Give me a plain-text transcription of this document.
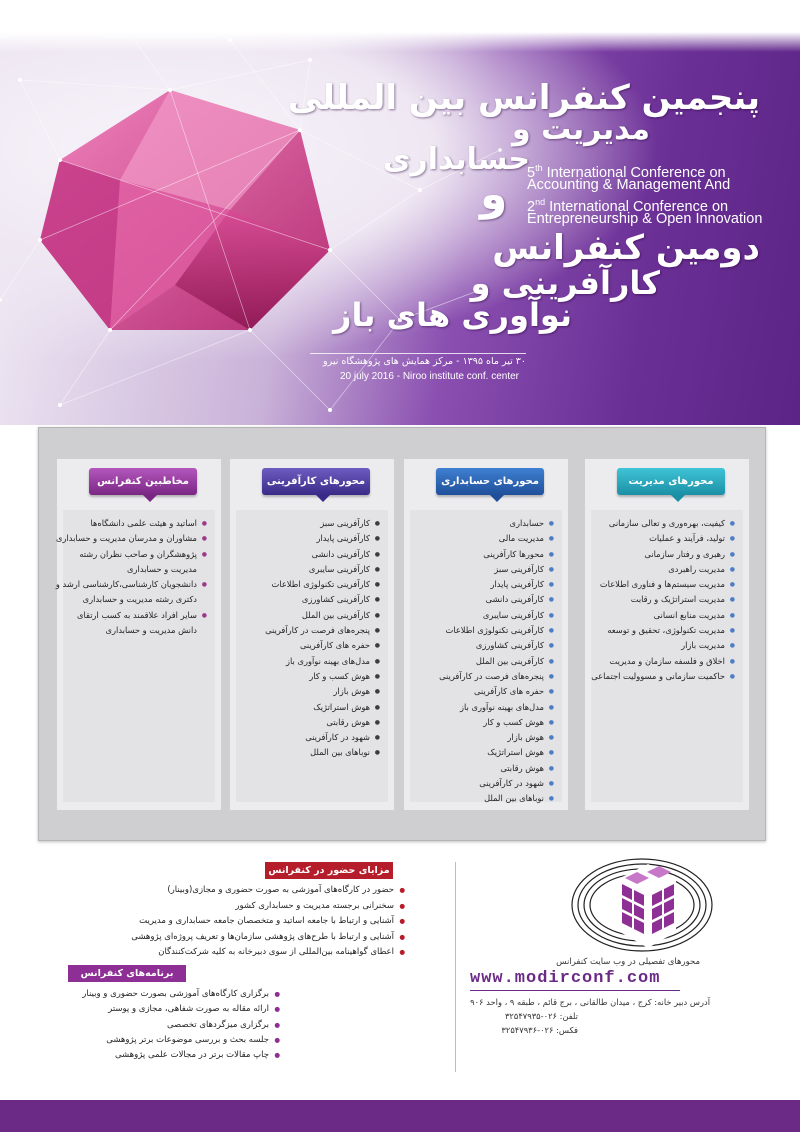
پنجمین کنفرانس بین المللی
مدیریت و
حسابداری
5th International Conference on
Accounting & Management And
2nd International Conference on
Entrepreneurship & Open Innovation
و
دومین کنفرانس
کارآفرینی و
نوآوری های باز
۳۰ تیر ماه ۱۳۹۵ - مرکز همایش های پژوهشگاه نیرو
20 july 2016 - Niroo institute conf. center
محورهای مدیریت
● کیفیت، بهره‌وری و تعالی سازمانی
● تولید، فرآیند و عملیات
● رهبری و رفتار سازمانی
● مدیریت راهبردی
● مدیریت سیستم‌ها و فناوری اطلاعات
● مدیریت استراتژیک و رقابت
● مدیریت منابع انسانی
● مدیریت تکنولوژی، تحقیق و توسعه
● مدیریت بازار
● اخلاق و فلسفه سازمان و مدیریت
● حاکمیت سازمانی و مسوولیت اجتماعی
محورهای حسابداری
● حسابداری
● مدیریت مالی
● محورها کارآفرینی
● کارآفرینی سبز
● کارآفرینی پایدار
● کارآفرینی دانشی
● کارآفرینی سایبری
● کارآفرینی تکنولوژی اطلاعات
● کارآفرینی کشاورزی
● کارآفرینی بین الملل
● پنجره‌های فرصت در کارآفرینی
● حفره های کارآفرینی
● مدل‌های بهینه نوآوری باز
● هوش کسب و کار
● هوش بازار
● هوش استراتژیک
● هوش رقابتی
● شهود در کارآفرینی
● نوباهای بین الملل
محورهای کارآفرینی
● کارآفرینی سبز
● کارآفرینی پایدار
● کارآفرینی دانشی
● کارآفرینی سایبری
● کارآفرینی تکنولوژی اطلاعات
● کارآفرینی کشاورزی
● کارآفرینی بین الملل
● پنجره‌های فرصت در کارآفرینی
● حفره های کارآفرینی
● مدل‌های بهینه نوآوری باز
● هوش کسب و کار
● هوش بازار
● هوش استراتژیک
● هوش رقابتی
● شهود در کارآفرینی
● نوباهای بین الملل
مخاطبین کنفرانس
● اساتید و هیئت علمی دانشگاه‌ها
● مشاوران و مدرسان مدیریت و حسابداری
● پژوهشگران و صاحب نظران رشته
مدیریت و حسابداری
● دانشجویان کارشناسی،کارشناسی ارشد و
دکتری رشته مدیریت و حسابداری
● سایر افراد علاقمند به کسب ارتقای
دانش مدیریت و حسابداری
مزایای حضور در کنفرانس
● حضور در کارگاه‌های آموزشی به صورت حضوری و مجازی(وبینار)
● سخنرانی برجسته مدیریت و حسابداری کشور
● آشنایی و ارتباط با جامعه اساتید و متخصصان جامعه حسابداری و مدیریت
● آشنایی و ارتباط با طرح‌های پژوهشی سازمان‌ها و تعریف پروژه‌ای پژوهشی
● اعطای گواهینامه بین‌المللی از سوی دبیرخانه به کلیه شرکت‌کنندگان
برنامه‌های کنفرانس
● برگزاری کارگاه‌های آموزشی بصورت حضوری و وبینار
● ارائه مقاله به صورت شفاهی، مجازی و پوستر
● برگزاری میزگردهای تخصصی
● جلسه بحث و بررسی موضوعات برتر پژوهشی
● چاپ مقالات برتر در مجالات علمی پژوهشی
محورهای تفصیلی در وب سایت کنفرانس
www.modirconf.com
آدرس دبیر خانه: کرج ، میدان طالقانی ، برج قائم ، طبقه ۹ ، واحد ۹۰۶
تلفن: ۰۲۶-۳۲۵۴۷۹۳۵
فکس: ۰۲۶-۳۲۵۴۷۹۳۶
